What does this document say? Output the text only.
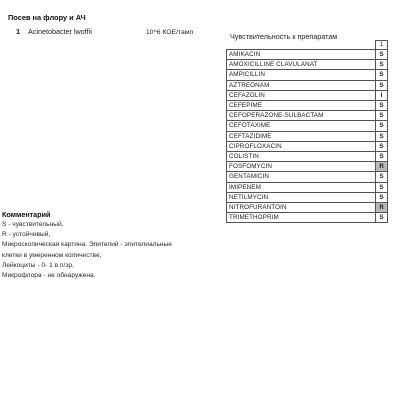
Посев на флору и АЧ
1 Acinetobacter lwoffii	10^6 КОЕ/тамп	Чувствительность к препаратам
	1
AMIKACIN	S
AMOXICILLINE CLAVULANAT	S
AMPICILLIN	S
AZTREONAM	S
CEFAZOLIN	I
CEFEPIME	S
CEFOPERAZONE-SULBACTAM	S
CEFOTAXIME	S
CEFTAZIDIME	S
CIPROFLOXACIN	S
COLISTIN	S
FOSFOMYCIN	R
GENTAMICIN	S
IMIPENEM	S
NETILMYCIN	S
NITROFURANTOIN	R
TRIMETHOPRIM	S
Комментарий
S - чувствительный,
R - устойчивый,
Микроскопическая картина: Эпителий - эпителиальные
клетки в умеренном количестве,
Лейкоциты - 0- 1 в п/зр,
Микрофлора - не обнаружена.
